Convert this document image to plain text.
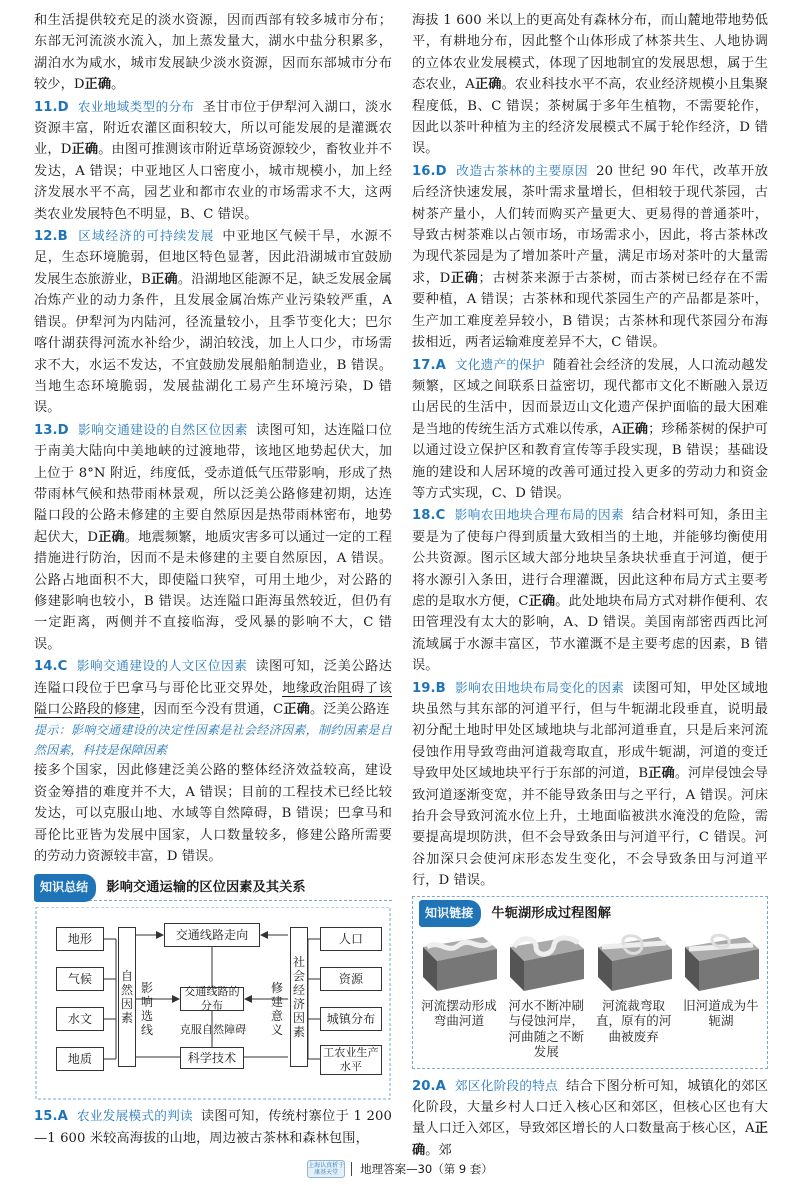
和生活提供较充足的淡水资源，因而西部有较多城市分布；东部无河流淡水流入，加上蒸发量大，湖水中盐分积累多，湖泊水为咸水，城市发展缺少淡水资源，因而东部城市分布较少，D正确。

11.D 农业地域类型的分布 圣甘市位于伊犁河入湖口，淡水资源丰富，附近农灌区面积较大，所以可能发展的是灌溉农业，D正确。由图可推测该市附近草场资源较少，畜牧业并不发达，A 错误；中亚地区人口密度小，城市规模小，加上经济发展水平不高，园艺业和都市农业的市场需求不大，这两类农业发展特色不明显，B、C 错误。

12.B 区域经济的可持续发展 中亚地区气候干旱，水源不足，生态环境脆弱，但地区特色显著，因此沿湖城市宜鼓励发展生态旅游业，B正确。沿湖地区能源不足，缺乏发展金属冶炼产业的动力条件，且发展金属冶炼产业污染较严重，A 错误。伊犁河为内陆河，径流量较小，且季节变化大；巴尔喀什湖获得河流水补给少，湖泊较浅，加上人口少，市场需求不大，水运不发达，不宜鼓励发展船舶制造业，B 错误。当地生态环境脆弱，发展盐湖化工易产生环境污染，D 错误。

13.D 影响交通建设的自然区位因素 读图可知，达连隘口位于南美大陆向中美地峡的过渡地带，该地区地势起伏大，加上位于 8°N 附近，纬度低，受赤道低气压带影响，形成了热带雨林气候和热带雨林景观，所以泛美公路修建初期，达连隘口段的公路未修建的主要自然原因是热带雨林密布，地势起伏大，D正确。地震频繁，地质灾害多可以通过一定的工程措施进行防治，因而不是未修建的主要自然原因，A 错误。公路占地面积不大，即使隘口狭窄，可用土地少，对公路的修建影响也较小，B 错误。达连隘口距海虽然较近，但仍有一定距离，两侧并不直接临海，受风暴的影响不大，C 错误。

14.C 影响交通建设的人文区位因素 读图可知，泛美公路达连隘口段位于巴拿马与哥伦比亚交界处，地缘政治阻碍了该隘口公路段的修建，因而至今没有贯通，C正确。泛美公路连

提示：影响交通建设的决定性因素是社会经济因素，制约因素是自然因素，科技是保障因素

接多个国家，因此修建泛美公路的整体经济效益较高，建设资金筹措的难度并不大，A 错误；目前的工程技术已经比较发达，可以克服山地、水域等自然障碍，B 错误；巴拿马和哥伦比亚皆为发展中国家，人口数量较多，修建公路所需要的劳动力资源较丰富，D 错误。

知识总结	影响交通运输的区位因素及其关系
地形
气候
水文
地质
自然因素
影响选线
交通线路走向
交通线路的分布
科学技术
克服自然障碍
修建意义
社会经济因素
人口
资源
城镇分布
工农业生产水平

15.A 农业发展模式的判读 读图可知，传统村寨位于 1 200—1 600 米较高海拔的山地，周边被古茶林和森林包围，

海拔 1 600 米以上的更高处有森林分布，而山麓地带地势低平，有耕地分布，因此整个山体形成了林茶共生、人地协调的立体农业发展模式，体现了因地制宜的发展思想，属于生态农业，A正确。农业科技水平不高，农业经济规模小且集聚程度低，B、C 错误；茶树属于多年生植物，不需要轮作，因此以茶叶种植为主的经济发展模式不属于轮作经济，D 错误。

16.D 改造古茶林的主要原因 20 世纪 90 年代，改革开放后经济快速发展，茶叶需求量增长，但相较于现代茶园，古树茶产量小，人们转而购买产量更大、更易得的普通茶叶，导致古树茶难以占领市场，市场需求小，因此，将古茶林改为现代茶园是为了增加茶叶产量，满足市场对茶叶的大量需求，D正确；古树茶来源于古茶树，而古茶树已经存在不需要种植，A 错误；古茶林和现代茶园生产的产品都是茶叶，生产加工难度差异较小，B 错误；古茶林和现代茶园分布海拔相近，两者运输难度差异不大，C 错误。

17.A 文化遗产的保护 随着社会经济的发展，人口流动越发频繁，区域之间联系日益密切，现代都市文化不断融入景迈山居民的生活中，因而景迈山文化遗产保护面临的最大困难是当地的传统生活方式难以传承，A正确；珍稀茶树的保护可以通过设立保护区和教育宣传等手段实现，B 错误；基础设施的建设和人居环境的改善可通过投入更多的劳动力和资金等方式实现，C、D 错误。

18.C 影响农田地块合理布局的因素 结合材料可知，条田主要是为了使每户得到质量大致相当的土地，并能够均衡使用公共资源。图示区域大部分地块呈条块状垂直于河道，便于将水源引入条田，进行合理灌溉，因此这种布局方式主要考虑的是取水方便，C正确。此处地块布局方式对耕作便利、农田管理没有太大的影响，A、D 错误。美国南部密西西比河流域属于水源丰富区，节水灌溉不是主要考虑的因素，B 错误。

19.B 影响农田地块布局变化的因素 读图可知，甲处区域地块虽然与其东部的河道平行，但与牛轭湖北段垂直，说明最初分配土地时甲处区域地块与北部河道垂直，只是后来河流侵蚀作用导致弯曲河道裁弯取直，形成牛轭湖，河道的变迁导致甲处区域地块平行于东部的河道，B正确。河岸侵蚀会导致河道逐渐变宽，并不能导致条田与之平行，A 错误。河床抬升会导致河流水位上升，土地面临被洪水淹没的危险，需要提高堤坝防洪，但不会导致条田与河道平行，C 错误。河谷加深只会使河床形态发生变化，不会导致条田与河道平行，D 错误。

知识链接	牛轭湖形成过程图解
河流摆动形成弯曲河道
河水不断冲刷与侵蚀河岸，河曲随之不断发展
河流裁弯取直，原有的河曲被废弃
旧河道成为牛轭湖

20.A 郊区化阶段的特点 结合下图分析可知，城镇化的郊区化阶段，大量乡村人口迁入核心区和郊区，但核心区也有大量人口迁入郊区，导致郊区增长的人口数量高于核心区，A正确。郊

上海认真析于康基天堂	地理答案—30（第 9 套）
